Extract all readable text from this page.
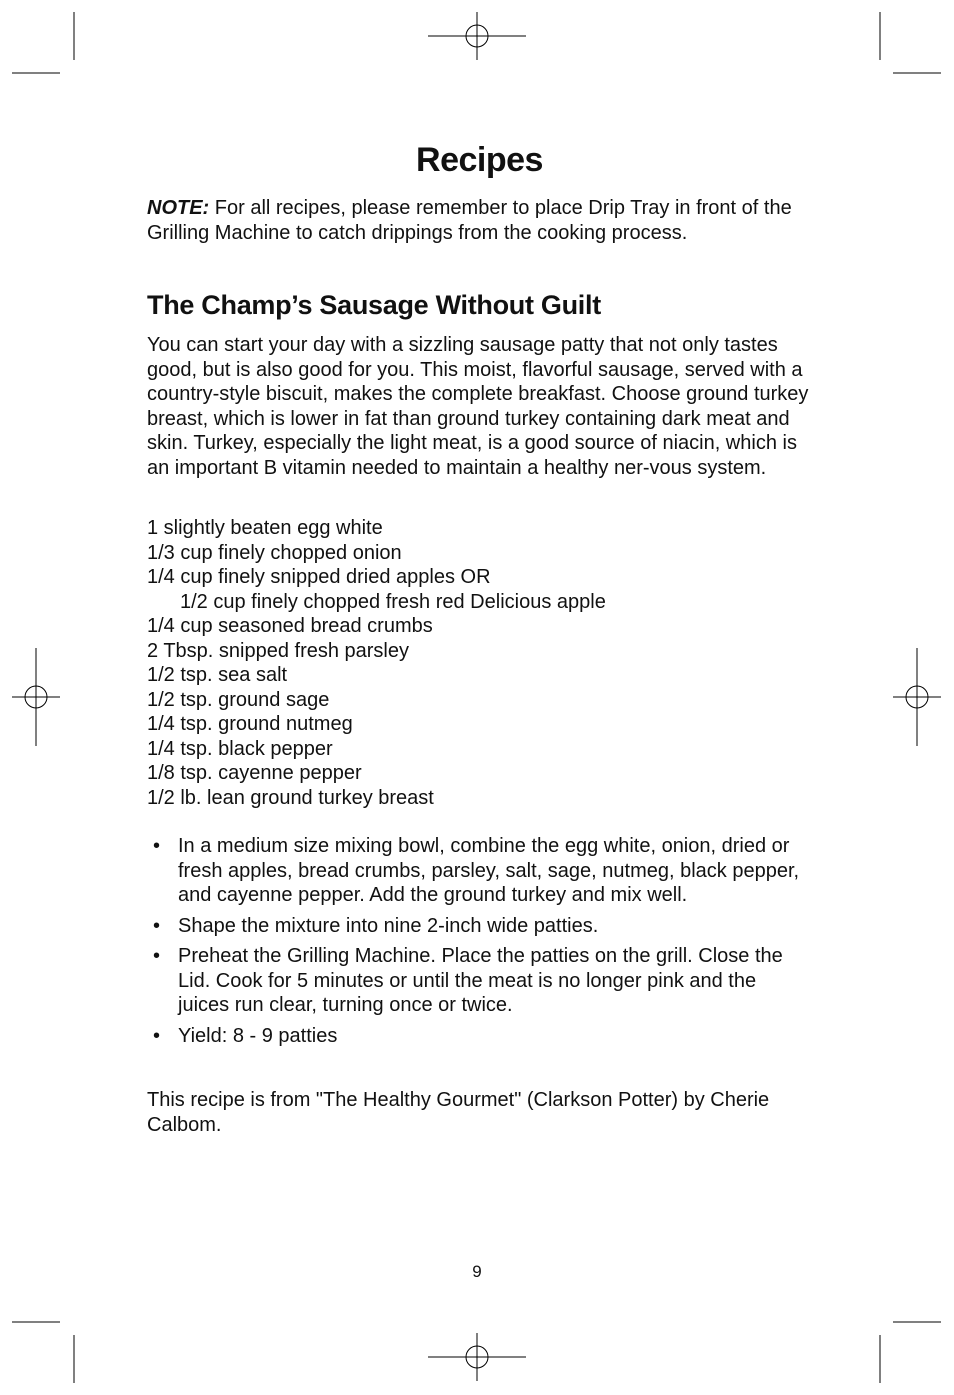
Recipes

NOTE: For all recipes, please remember to place Drip Tray in front of the Grilling Machine to catch drippings from the cooking process.

The Champ’s Sausage Without Guilt

You can start your day with a sizzling sausage patty that not only tastes good, but is also good for you. This moist, flavorful sausage, served with a country-style biscuit, makes the complete breakfast. Choose ground turkey breast, which is lower in fat than ground turkey containing dark meat and skin. Turkey, especially the light meat, is a good source of niacin, which is an important B vitamin needed to maintain a healthy ner-vous system.

1 slightly beaten egg white
1/3 cup finely chopped onion
1/4 cup finely snipped dried apples OR
1/2 cup finely chopped fresh red Delicious apple
1/4 cup seasoned bread crumbs
2 Tbsp. snipped fresh parsley
1/2 tsp. sea salt
1/2 tsp. ground sage
1/4 tsp. ground nutmeg
1/4 tsp. black pepper
1/8 tsp. cayenne pepper
1/2 lb. lean ground turkey breast
• In a medium size mixing bowl, combine the egg white, onion, dried or fresh apples, bread crumbs, parsley, salt, sage, nutmeg, black pepper, and cayenne pepper. Add the ground turkey and mix well.
• Shape the mixture into nine 2-inch wide patties.
• Preheat the Grilling Machine. Place the patties on the grill. Close the Lid. Cook for 5 minutes or until the meat is no longer pink and the juices run clear, turning once or twice.
• Yield: 8 - 9 patties

This recipe is from "The Healthy Gourmet" (Clarkson Potter) by Cherie Calbom.

9
